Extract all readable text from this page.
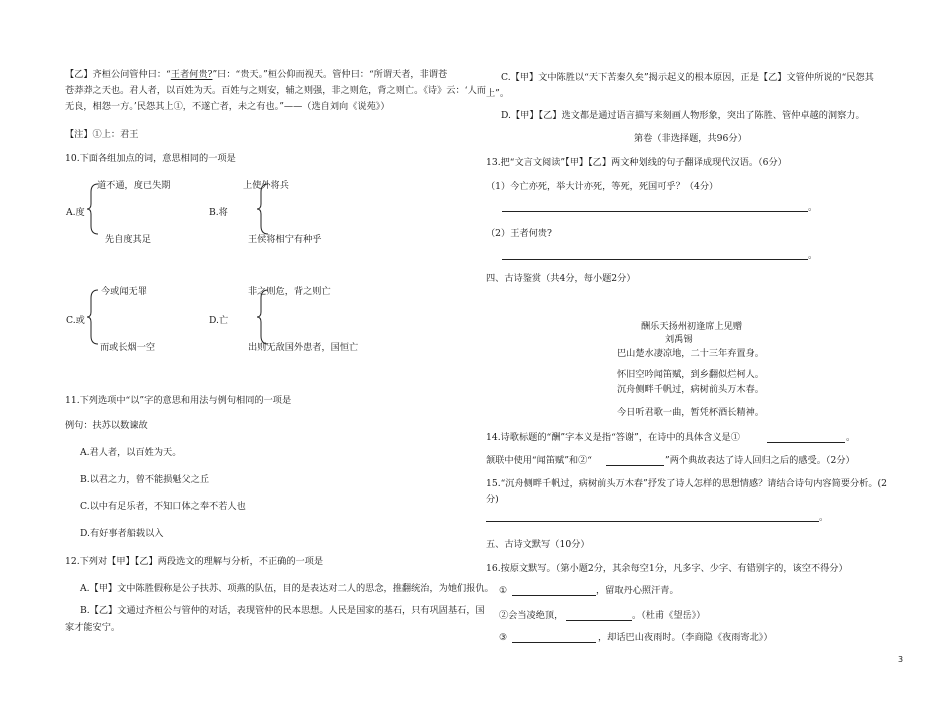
【乙】齐桓公问管仲曰：“王者何贵?”曰：“贵天。”桓公仰而视天。管仲曰：“所谓天者，非谓苍
苍莽莽之天也。君人者，以百姓为天。百姓与之则安，辅之则强，非之则危，背之则亡。《诗》云：‘人而
无良，相怨一方。’民怨其上①，不遂亡者，未之有也。”——（选自刘向《说苑》）
【注】①上：君王
10.下面各组加点的词，意思相同的一项是
道不通，度已失期
A.度
先自度其足
上使外将兵
B.将
王侯将相宁有种乎
今或闻无罪
C.或
而或长烟一空
非之则危，背之则亡
D.亡
出则无敌国外患者，国恒亡
11.下列选项中“以”字的意思和用法与例句相同的一项是
例句：扶苏以数谏故
A.君人者，以百姓为天。
B.以君之力，曾不能损魁父之丘
C.以中有足乐者，不知口体之奉不若人也
D.有好事者船载以入
12.下列对【甲】【乙】两段选文的理解与分析，不正确的一项是
A.【甲】文中陈胜假称是公子扶苏、项燕的队伍，目的是表达对二人的思念，推翻统治，为她们报仇。
B.【乙】文通过齐桓公与管仲的对话，表现管仲的民本思想。人民是国家的基石，只有巩固基石，国
家才能安宁。
C.【甲】文中陈胜以“天下苦秦久矣”揭示起义的根本原因，正是【乙】文管仲所说的“民怨其
上”。
D.【甲】【乙】选文都是通过语言描写来刻画人物形象，突出了陈胜、管仲卓越的洞察力。
第卷（非选择题，共96分）
13.把“文言文阅读”【甲】【乙】两文种划线的句子翻译成现代汉语。（6分）
（1）今亡亦死，举大计亦死，等死，死国可乎？（4分）
。
（2）王者何贵?
。
四、古诗鉴赏（共4分，每小题2分）
酬乐天扬州初逢席上见赠
刘禹锡
巴山楚水凄凉地，二十三年弃置身。
怀旧空吟闻笛赋，到乡翻似烂柯人。
沉舟侧畔千帆过，病树前头万木春。
今日听君歌一曲，暂凭杯酒长精神。
14.诗歌标题的“酬”字本义是指“答谢”，在诗中的具体含义是①	。
颔联中使用“闻笛赋”和②“	”两个典故表达了诗人回归之后的感受。（2分）
15.“沉舟侧畔千帆过，病树前头万木春”抒发了诗人怎样的思想情感？请结合诗句内容简要分析。(2
分)
。
五、古诗文默写（10分）
16.按原文默写。（第小题2分，其余每空1分，凡多字、少字、有错别字的，该空不得分）
①	，留取丹心照汗青。
②会当凌绝顶，	。（杜甫《望岳》）
③	，却话巴山夜雨时。（李商隐《夜雨寄北》）
3
